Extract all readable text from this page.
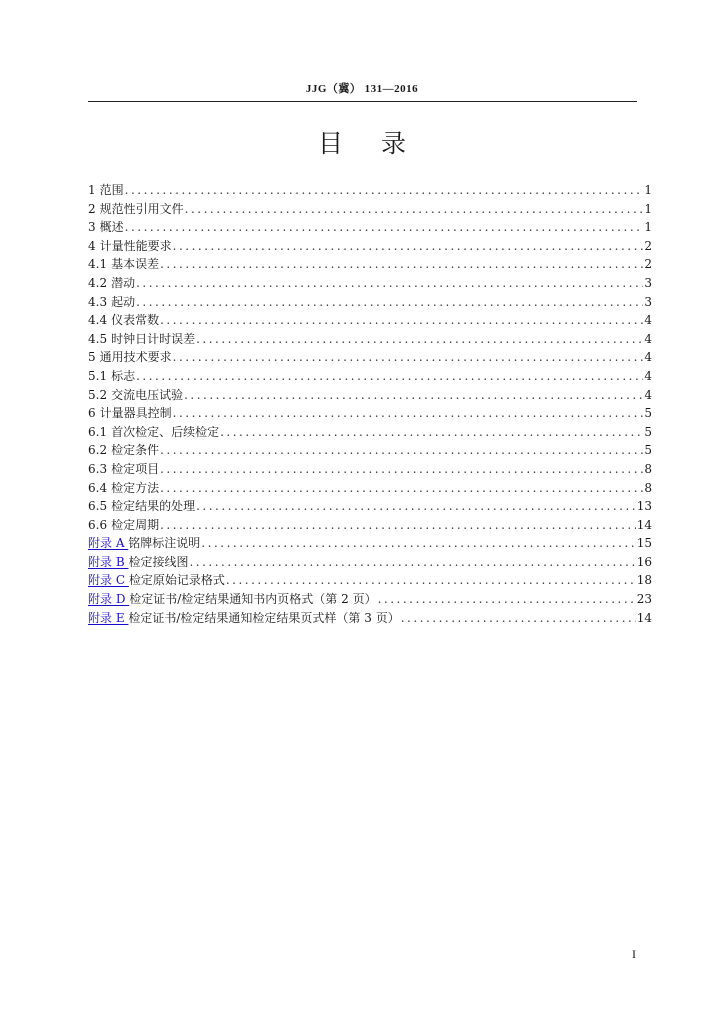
JJG（冀） 131—2016
目录
1 范围 .....	1
2 规范性引用文件 .....	1
3 概述 .....	1
4 计量性能要求 .....	2
4.1 基本误差 .....	2
4.2 潜动 .....	3
4.3 起动 .....	3
4.4 仪表常数 .....	4
4.5 时钟日计时误差 .....	4
5 通用技术要求 .....	4
5.1 标志 .....	4
5.2 交流电压试验 .....	4
6 计量器具控制 .....	5
6.1 首次检定、后续检定 .....	5
6.2 检定条件 .....	5
6.3 检定项目 .....	8
6.4 检定方法 .....	8
6.5 检定结果的处理 .....	13
6.6 检定周期 .....	14
附录 A 铭牌标注说明 .....	15
附录 B 检定接线图 .....	16
附录 C 检定原始记录格式 .....	18
附录 D 检定证书/检定结果通知书内页格式（第 2 页） .....	23
附录 E 检定证书/检定结果通知检定结果页式样（第 3 页） .....	14
I
